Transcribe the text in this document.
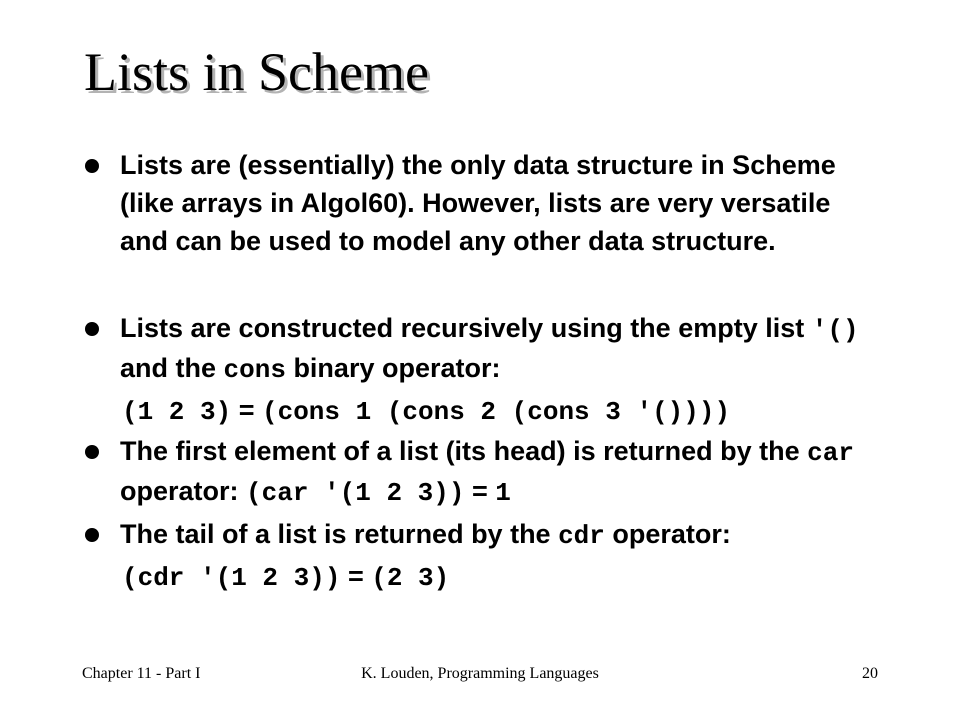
Lists in Scheme
Lists are (essentially) the only data structure in Scheme (like arrays in Algol60). However, lists are very versatile and can be used to model any other data structure.
Lists are constructed recursively using the empty list '() and the cons binary operator:
(1 2 3) = (cons 1 (cons 2 (cons 3 '())))
The first element of a list (its head) is returned by the car operator: (car '(1 2 3)) = 1
The tail of a list is returned by the cdr operator:
(cdr '(1 2 3)) = (2 3)
Chapter 11 - Part I	K. Louden, Programming Languages	20
